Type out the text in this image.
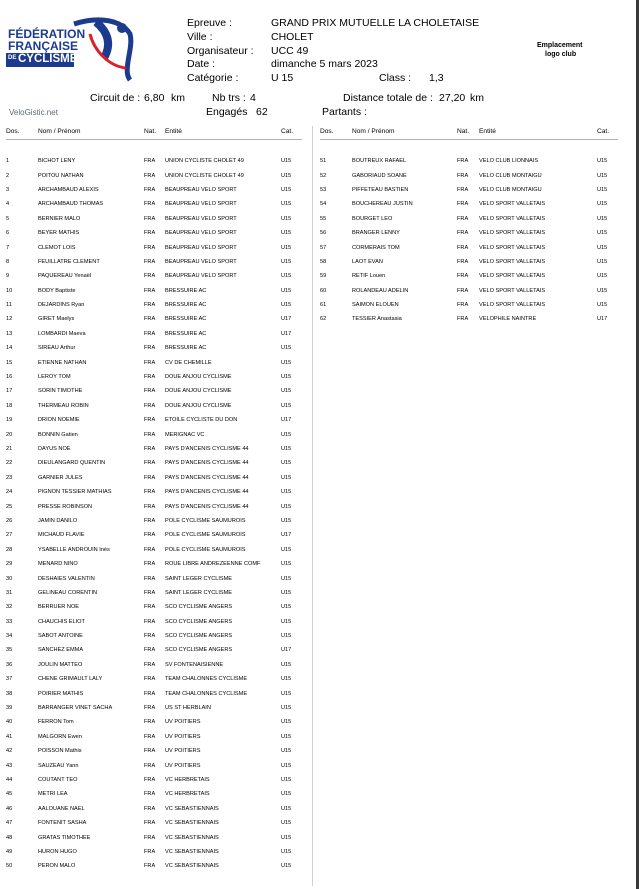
FÉDÉRATION
FRANÇAISE
DE CYCLISME
Epreuve :	GRAND PRIX MUTUELLE LA CHOLETAISE
Ville :	CHOLET
Organisateur : UCC 49
Date :	dimanche 5 mars 2023
Catégorie :	U 15	Class : 1,3
Emplacement
logo club
Circuit de : 6,80 km	Nb trs : 4	Distance totale de : 27,20 km
VeloGistic.net	Engagés 62	Partants :
Dos.	Nom / Prénom	Nat. Entité	Cat.	Dos.	Nom / Prénom	Nat. Entité	Cat.
1	BICHOT LENY	FRA	UNION CYCLISTE CHOLET 49	U15
2	POITOU NATHAN	FRA	UNION CYCLISTE CHOLET 49	U15
3	ARCHAMBAUD ALEXIS	FRA	BEAUPREAU VELO SPORT	U15
4	ARCHAMBAUD THOMAS	FRA	BEAUPREAU VELO SPORT	U15
5	BERNIER MALO	FRA	BEAUPREAU VELO SPORT	U15
6	BEYER MATHIS	FRA	BEAUPREAU VELO SPORT	U15
7	CLEMOT LOIS	FRA	BEAUPREAU VELO SPORT	U15
8	FEUILLATRE CLEMENT	FRA	BEAUPREAU VELO SPORT	U15
9	PAQUEREAU Yenaël	FRA	BEAUPREAU VELO SPORT	U15
10	BODY Baptiste	FRA	BRESSUIRE AC	U15
11	DEJARDINS Ryan	FRA	BRESSUIRE AC	U15
12	GIRET Maelys	FRA	BRESSUIRE AC	U17
13	LOMBARDI Maeva	FRA	BRESSUIRE AC	U17
14	SIREAU Arthur	FRA	BRESSUIRE AC	U15
15	ETIENNE NATHAN	FRA	CV DE CHEMILLE	U15
16	LEROY TOM	FRA	DOUE ANJOU CYCLISME	U15
17	SORIN TIMOTHE	FRA	DOUE ANJOU CYCLISME	U15
18	THERMEAU ROBIN	FRA	DOUE ANJOU CYCLISME	U15
19	DRION NOEMIE	FRA	ETOILE CYCLISTE DU DON	U17
20	BONNIN Gatien	FRA	MERIGNAC VC	U15
21	DAYUS NOE	FRA	PAYS D'ANCENIS CYCLISME 44	U15
22	DIEULANGARD QUENTIN	FRA	PAYS D'ANCENIS CYCLISME 44	U15
23	GARNIER JULES	FRA	PAYS D'ANCENIS CYCLISME 44	U15
24	PIGNON TESSIER MATHIAS	FRA	PAYS D'ANCENIS CYCLISME 44	U15
25	PRESSE ROBINSON	FRA	PAYS D'ANCENIS CYCLISME 44	U15
26	JAMIN DANILO	FRA	POLE CYCLISME SAUMUROIS	U15
27	MICHAUD FLAVIE	FRA	POLE CYCLISME SAUMUROIS	U17
28	YSABELLE ANDROUIN Inès	FRA	POLE CYCLISME SAUMUROIS	U15
29	MENARD NINO	FRA	ROUE LIBRE ANDREZEENNE COMF	U15
30	DESHAIES VALENTIN	FRA	SAINT LEGER CYCLISME	U15
31	GELINEAU CORENTIN	FRA	SAINT LEGER CYCLISME	U15
32	BERRUER NOE	FRA	SCO CYCLISME ANGERS	U15
33	CHAUCHIS ELIOT	FRA	SCO CYCLISME ANGERS	U15
34	SABOT ANTOINE	FRA	SCO CYCLISME ANGERS	U15
35	SANCHEZ EMMA	FRA	SCO CYCLISME ANGERS	U17
36	JOULIN MATTEO	FRA	SV FONTENAISIENNE	U15
37	CHENE GRIMAULT LALY	FRA	TEAM CHALONNES CYCLISME	U15
38	POIRIER MATHIS	FRA	TEAM CHALONNES CYCLISME	U15
39	BARRANGER VINET SACHA	FRA	US ST HERBLAIN	U15
40	FERRON Tom	FRA	UV POITIERS	U15
41	MALGORN Ewen	FRA	UV POITIERS	U15
42	POISSON Mathis	FRA	UV POITIERS	U15
43	SAUZEAU Yann	FRA	UV POITIERS	U15
44	COUTANT TEO	FRA	VC HERBRETAIS	U15
45	METRI LEA	FRA	VC HERBRETAIS	U15
46	AALOUANE NAEL	FRA	VC SEBASTIENNAIS	U15
47	FONTENIT SASHA	FRA	VC SEBASTIENNAIS	U15
48	GRATAS TIMOTHEE	FRA	VC SEBASTIENNAIS	U15
49	HURON HUGO	FRA	VC SEBASTIENNAIS	U15
50	PERON MALO	FRA	VC SEBASTIENNAIS	U15
51	BOUTREUX RAFAEL	FRA	VELO CLUB LIONNAIS	U15
52	GABORIAUD SOANE	FRA	VELO CLUB MONTAIGU	U15
53	PIFFETEAU BASTIEN	FRA	VELO CLUB MONTAIGU	U15
54	BOUCHEREAU JUSTIN	FRA	VELO SPORT VALLETAIS	U15
55	BOURGET LEO	FRA	VELO SPORT VALLETAIS	U15
56	BRANGER LENNY	FRA	VELO SPORT VALLETAIS	U15
57	CORMERAIS TOM	FRA	VELO SPORT VALLETAIS	U15
58	LAOT EVAN	FRA	VELO SPORT VALLETAIS	U15
59	RETIF Louen	FRA	VELO SPORT VALLETAIS	U15
60	ROLANDEAU ADELIN	FRA	VELO SPORT VALLETAIS	U15
61	SAIMON ELOUEN	FRA	VELO SPORT VALLETAIS	U15
62	TESSIER Anastasia	FRA	VELOPHILE NAINTRE	U17
